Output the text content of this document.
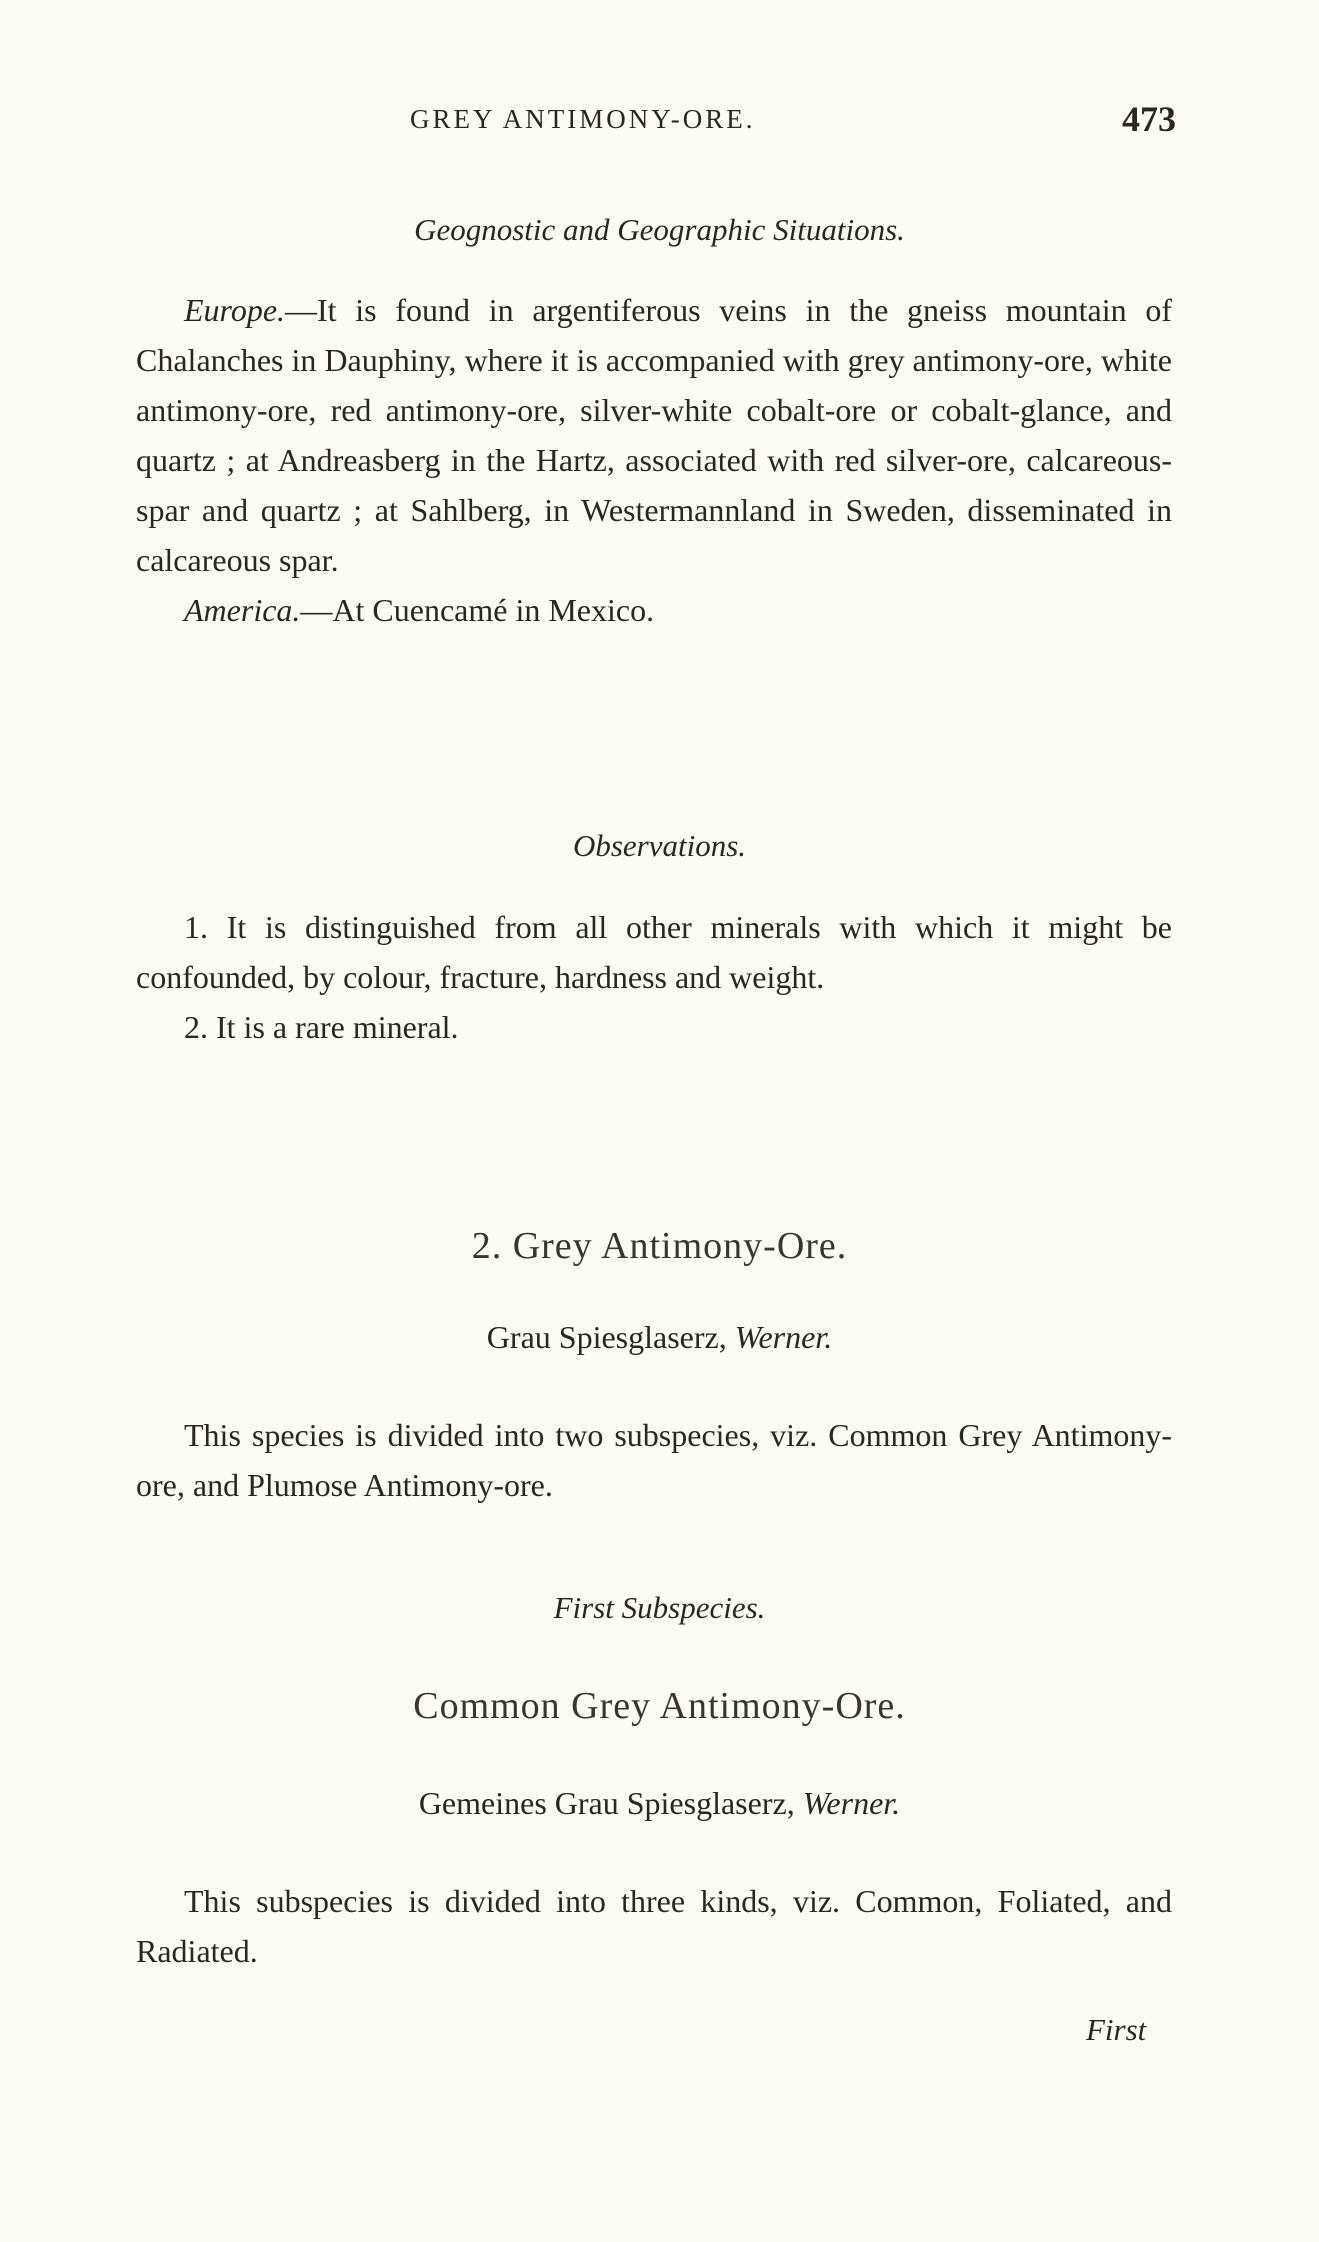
GREY ANTIMONY-ORE.	473
Geognostic and Geographic Situations.

Europe.—It is found in argentiferous veins in the gneiss mountain of Chalanches in Dauphiny, where it is accompanied with grey antimony-ore, white antimony-ore, red antimony-ore, silver-white cobalt-ore or cobalt-glance, and quartz ; at Andreasberg in the Hartz, associated with red silver-ore, calcareous-spar and quartz ; at Sahlberg, in Westermannland in Sweden, disseminated in calcareous spar.

America.—At Cuencamé in Mexico.

Observations.

1. It is distinguished from all other minerals with which it might be confounded, by colour, fracture, hardness and weight.

2. It is a rare mineral.

2. Grey Antimony-Ore.
Grau Spiesglaserz, Werner.

This species is divided into two subspecies, viz. Common Grey Antimony-ore, and Plumose Antimony-ore.

First Subspecies.
Common Grey Antimony-Ore.
Gemeines Grau Spiesglaserz, Werner.

This subspecies is divided into three kinds, viz. Common, Foliated, and Radiated.

First
